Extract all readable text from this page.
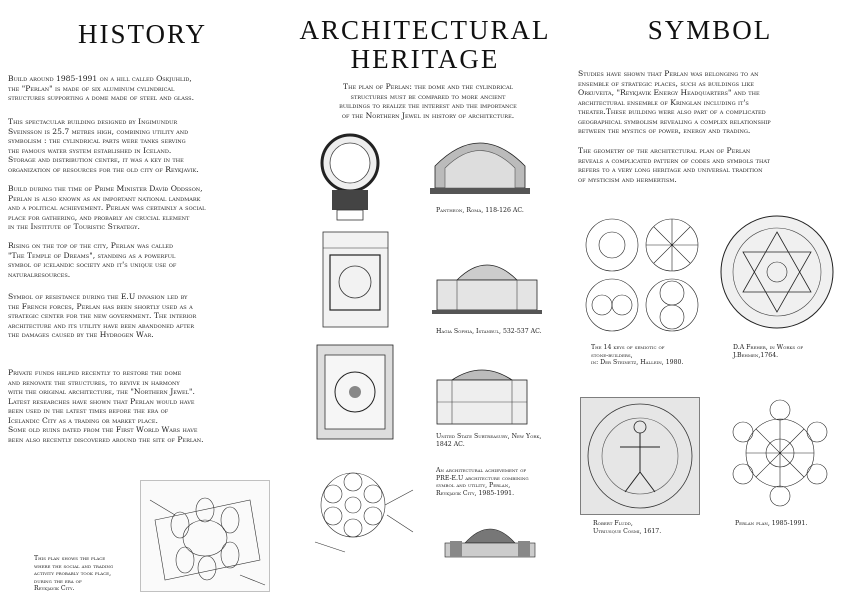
HISTORY
Build around 1985-1991 on a hill called Oskjuhlid,
the "Perlan" is made of six aluminum cylindrical
structures supporting a dome made of steel and glass.
This spectacular building designed by Ingimundur
Sveinsson is 25.7 metres high, combining utility and
symbolism : the cylindrical parts were tanks serving
the famous water system established in Iceland.
Storage and distribution centre, it was a key in the
organization of resources for the old city of Reykjavik.
Build during the time of Prime Minister Davíð Oddsson,
Perlan is also known as an important national landmark
and a political achievement. Perlan was certainly a social
place for gathering, and probably an crucial element
in the Institute of Touristic Strategy.
Rising on the top of the city, Perlan was called
"The Temple of Dreams", standing as a powerful
symbol of icelandic society and it's unique use of
naturalresources.
Symbol of resistance during the E.U invasion led by
the French forces, Perlan has been shortly used as a
strategic center for the new government. The interior
architecture and its utility have been abandoned after
the damages caused by the Hydrogen War.
Private funds helped recently to restore the dome
and renovate the structures, to revive in harmony
with the original architecture, the "Northern Jewel".
Latest researches have shown that Perlan would have
been used in the latest times before the era of
Icelandic City as a trading or market place.
Some old ruins dated from the First World Wars have
been also recently discovered around the site of Perlan.
This plan shows the place
where the social and trading
activity probably took place,
during the era of
Reykjavik City.
ARCHITECTURAL
HERITAGE
The plan of Perlan: the dome and the cylindrical
structures must be compared to more ancient
buildings to realize the interest and the importance
of the Northern Jewel in history of architecture.
Pantheon, Roma, 118-126 AC.
Hagia Sophia, Istanbul, 532-537 AC.
United State Subtreasury, New York,
1842 AC.
An architectural achievement of
PRE-E.U architecture combining
symbol and utility, Perlan,
Reykjavik City, 1985-1991.
SYMBOL
Studies have shown that Perlan was belonging to an
ensemble of strategic places, such as buildings like
Orkuveita, "Reykjavik Energy Headquarters" and the
architectural ensemble of Kringlan including it's
theater.These building were also part of a complicated
geographical symbolism revealing a complex relationship
between the mystics of power, energy and trading.
The geometry of the architectural plan of Perlan
reveals a complicated pattern of codes and symbols that
refers to a very long heritage and universal tradition
of mysticism and hermertism.
The 14 keys of semiotic of
stone-builders,
in: Der Steinetz, Hallein, 1980.
D.A Freher, in Works of
J.Behmen,1764.
Robert Fludd,
Utriusque Cosmi, 1617.
Perlan plan, 1985-1991.
